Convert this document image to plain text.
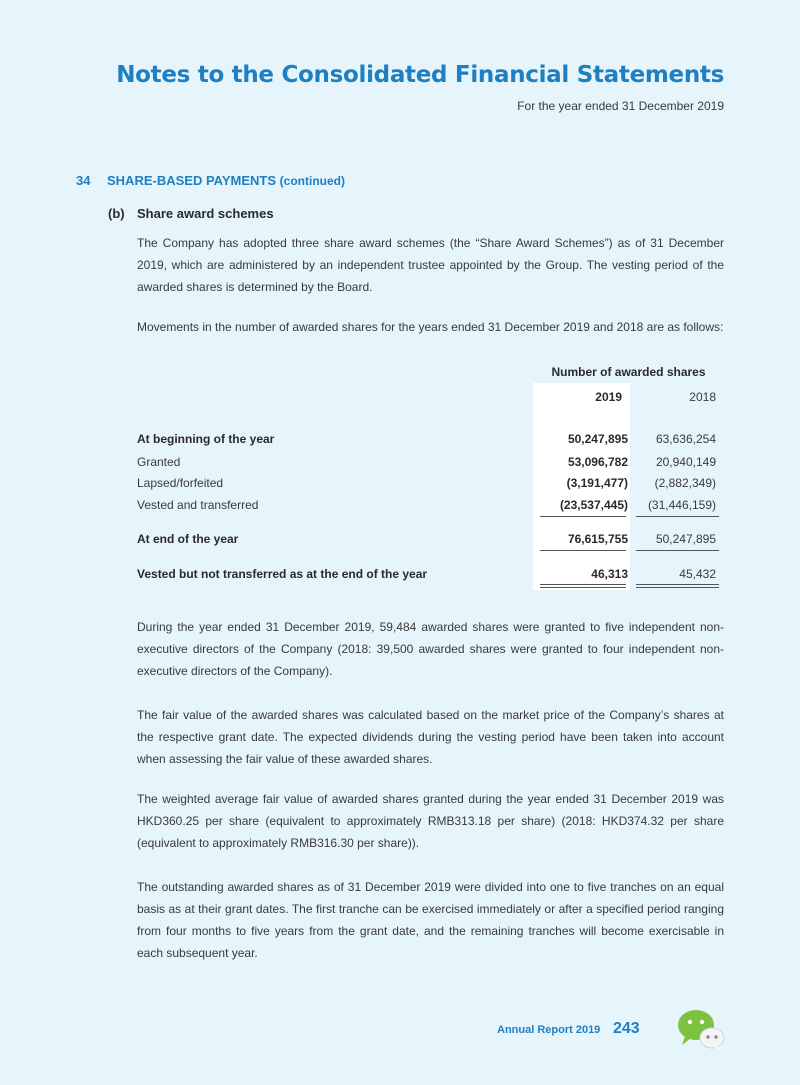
Notes to the Consolidated Financial Statements
For the year ended 31 December 2019
34 SHARE-BASED PAYMENTS (continued)
(b) Share award schemes

The Company has adopted three share award schemes (the “Share Award Schemes”) as of 31 December 2019, which are administered by an independent trustee appointed by the Group. The vesting period of the awarded shares is determined by the Board.

Movements in the number of awarded shares for the years ended 31 December 2019 and 2018 are as follows:

Number of awarded shares
2019	2018
At beginning of the year	50,247,895	63,636,254
Granted	53,096,782	20,940,149
Lapsed/forfeited	(3,191,477)	(2,882,349)
Vested and transferred	(23,537,445)	(31,446,159)
At end of the year	76,615,755	50,247,895
Vested but not transferred as at the end of the year	46,313	45,432

During the year ended 31 December 2019, 59,484 awarded shares were granted to five independent non-executive directors of the Company (2018: 39,500 awarded shares were granted to four independent non-executive directors of the Company).

The fair value of the awarded shares was calculated based on the market price of the Company’s shares at the respective grant date. The expected dividends during the vesting period have been taken into account when assessing the fair value of these awarded shares.

The weighted average fair value of awarded shares granted during the year ended 31 December 2019 was HKD360.25 per share (equivalent to approximately RMB313.18 per share) (2018: HKD374.32 per share (equivalent to approximately RMB316.30 per share)).

The outstanding awarded shares as of 31 December 2019 were divided into one to five tranches on an equal basis as at their grant dates. The first tranche can be exercised immediately or after a specified period ranging from four months to five years from the grant date, and the remaining tranches will become exercisable in each subsequent year.

Annual Report 2019 243
